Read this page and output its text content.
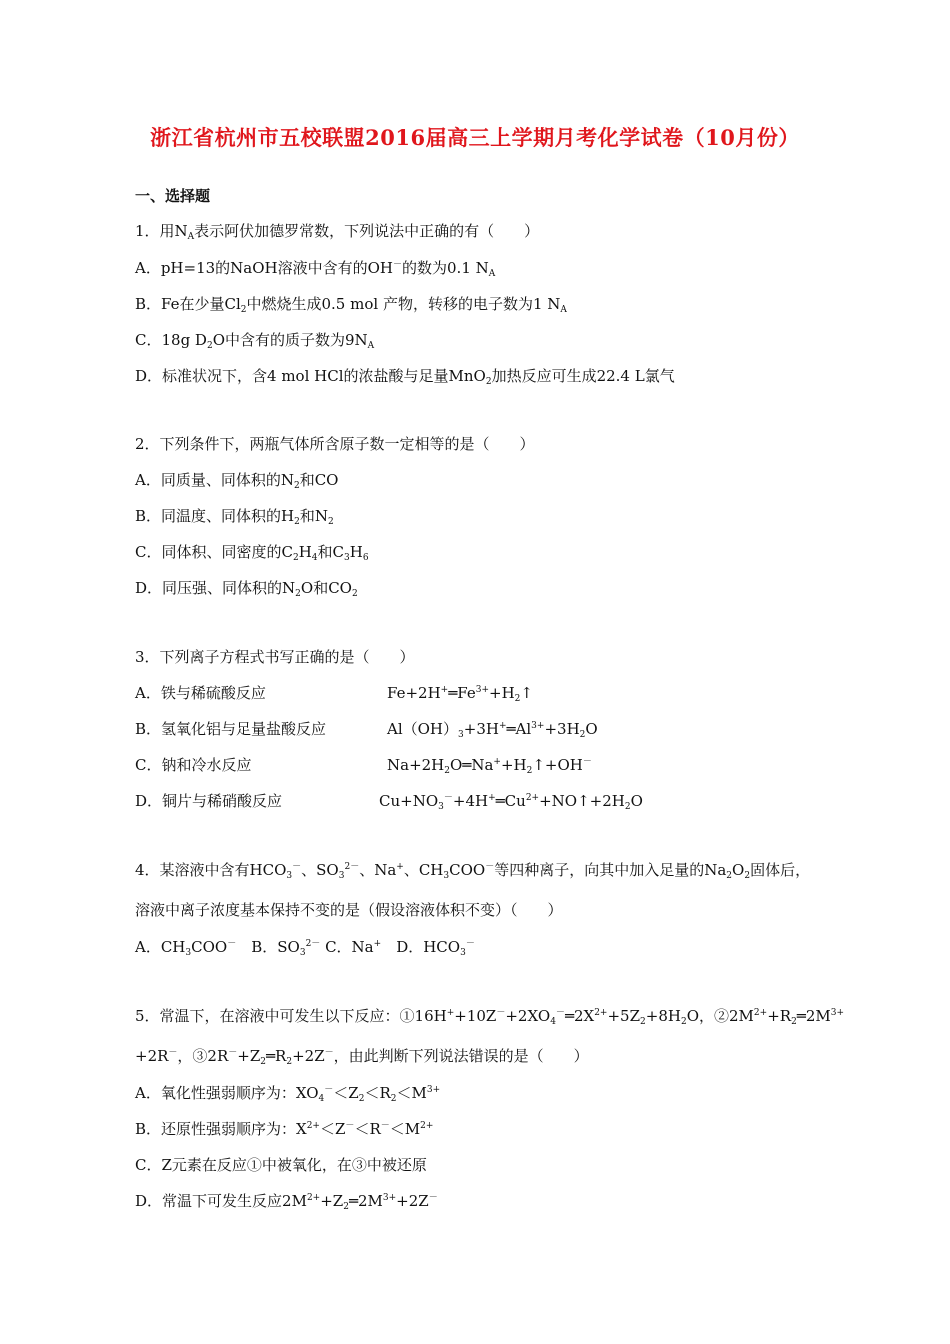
浙江省杭州市五校联盟2016届高三上学期月考化学试卷（10月份）
一、选择题
1．用$N_A$表示阿伏加德罗常数，下列说法中正确的有（　　）
A．pH=13的NaOH溶液中含有的OH－的数为0.1 $N_A$
B．Fe在少量$Cl_2$中燃烧生成0.5 mol 产物，转移的电子数为1 $N_A$
C．18g $D_2O$中含有的质子数为$9N_A$
D．标准状况下，含4 mol HCl的浓盐酸与足量MnO$_2$加热反应可生成22.4 L氯气
2．下列条件下，两瓶气体所含原子数一定相等的是（　　）
A．同质量、同体积的$N_2$和CO
B．同温度、同体积的$H_2$和$N_2$
C．同体积、同密度的$C_2H_4$和$C_3H_6$
D．同压强、同体积的$N_2O$和$CO_2$
3．下列离子方程式书写正确的是（　　）
A．铁与稀硫酸反应	$Fe+2H^+═Fe^{3+}+H_2↑$
B．氢氧化铝与足量盐酸反应	$Al(OH)_3+3H^+═Al^{3+}+3H_2O$
C．钠和冷水反应	$Na+2H_2O═Na^++H_2↑+OH^-$
D．铜片与稀硝酸反应	$Cu+NO_3^-+4H^+═Cu^{2+}+NO↑+2H_2O$
4．某溶液中含有$HCO_3^-$、$SO_3^{2-}$、Na+、$CH_3COO^-$等四种离子，向其中加入足量的$Na_2O_2$固体后，
溶液中离子浓度基本保持不变的是（假设溶液体积不变）（　　）
A．$CH_3COO^-$　B．$SO_3^{2-}$ C．Na+　D．$HCO_3^-$
5．常温下，在溶液中可发生以下反应：$①16H^++10Z^-+2XO_4^-═2X^{2+}+5Z_2+8H_2O$，$②2M^{2+}+R_2═2M^{3+}$
+2R－，$③2R^-+Z_2═R_2+2Z^-$，由此判断下列说法错误的是（　　）
A．氧化性强弱顺序为：$XO_4^-<Z_2<R_2<M^{3+}$
B．还原性强弱顺序为：$X^{2+}<Z^-<R^-<M^{2+}$
C．Z元素在反应①中被氧化，在③中被还原
D．常温下可发生反应$2M^{2+}+Z_2═2M^{3+}+2Z^-$
